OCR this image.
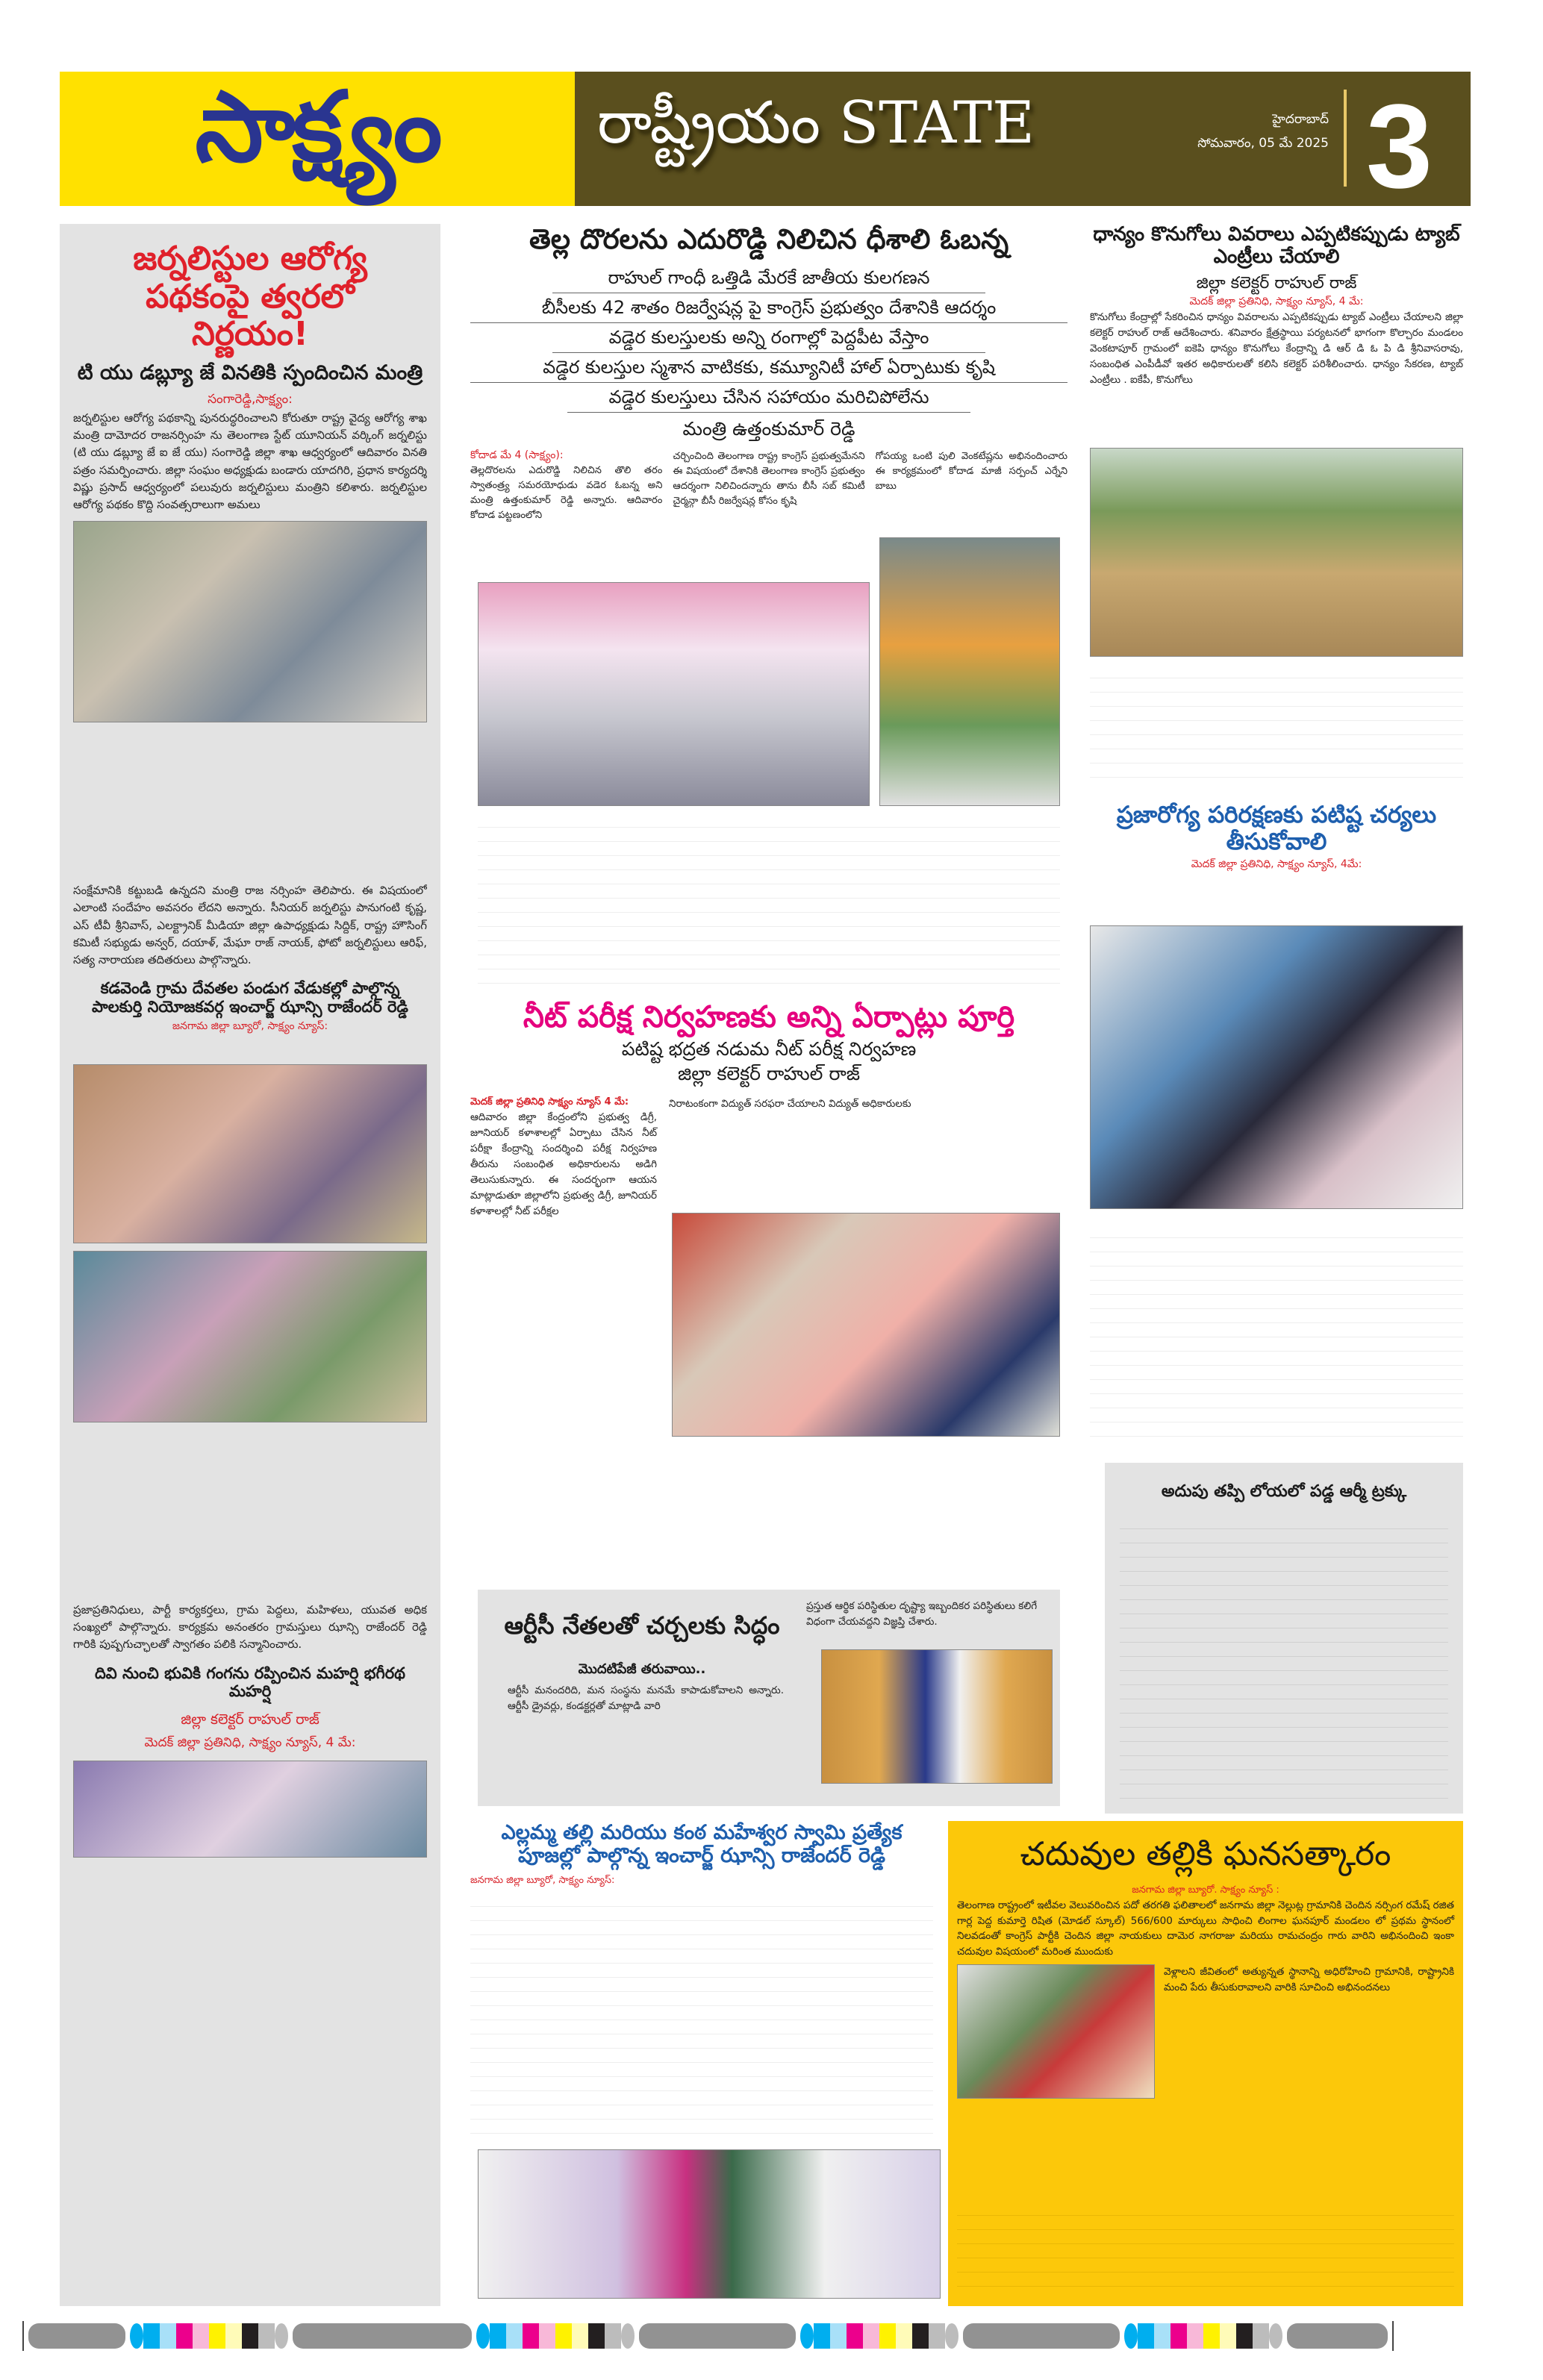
సాక్ష్యం	రాష్ట్రీయం STATE	హైదరాబాద్
సోమవారం, 05 మే 2025 3
జర్నలిస్టుల ఆరోగ్య పథకంపై త్వరలో నిర్ణయం!
టి యు డబ్ల్యూ జే వినతికి స్పందించిన మంత్రి
సంగారెడ్డి,సాక్ష్యం:
జర్నలిస్టుల ఆరోగ్య పథకాన్ని పునరుద్ధరించాలని కోరుతూ రాష్ట్ర వైద్య ఆరోగ్య శాఖ మంత్రి దామోదర రాజనర్సింహ ను తెలంగాణ స్టేట్ యూనియన్ వర్కింగ్ జర్నలిస్టు (టి యు డబ్ల్యూ జే ఐ జే యు) సంగారెడ్డి జిల్లా శాఖ ఆధ్వర్యంలో ఆదివారం వినతి పత్రం సమర్పించారు. జిల్లా సంఘం అధ్యక్షుడు బండారు యాదగిరి, ప్రధాన కార్యదర్శి విష్ణు ప్రసాద్ ఆధ్వర్యంలో పలువురు జర్నలిస్టులు మంత్రిని కలిశారు. జర్నలిస్టుల ఆరోగ్య పథకం కొద్ది సంవత్సరాలుగా అమలు
సంక్షేమానికి కట్టుబడి ఉన్నదని మంత్రి రాజ నర్సింహ తెలిపారు. ఈ విషయంలో ఎలాంటి సందేహం అవసరం లేదని అన్నారు. సీనియర్ జర్నలిస్టు పానుగంటి కృష్ణ, ఎస్ టీవీ శ్రీనివాస్, ఎలక్ట్రానిక్ మీడియా జిల్లా ఉపాధ్యక్షుడు సిద్దిక్, రాష్ట్ర హౌసింగ్ కమిటీ సభ్యుడు అన్వర్, దయాళ్, మేఘా రాజ్ నాయక్, ఫోటో జర్నలిస్టులు ఆరిఫ్, సత్య నారాయణ తదితరులు పాల్గొన్నారు.
కడవెండి గ్రామ దేవతల పండుగ వేడుకల్లో పాల్గొన్న పాలకుర్తి నియోజకవర్గ ఇంచార్జ్ ఝాన్సి రాజేందర్ రెడ్డి
జనగామ జిల్లా బ్యూరో, సాక్ష్యం న్యూస్:
ప్రజాప్రతినిధులు, పార్టీ కార్యకర్తలు, గ్రామ పెద్దలు, మహిళలు, యువత అధిక సంఖ్యలో పాల్గొన్నారు. కార్యక్రమ అనంతరం గ్రామస్తులు ఝాన్సి రాజేందర్ రెడ్డి గారికి పుష్పగుచ్ఛాలతో స్వాగతం పలికి సన్మానించారు.
దివి నుంచి భువికి గంగను రప్పించిన మహర్షి భగీరథ మహర్షి
జిల్లా కలెక్టర్ రాహుల్ రాజ్
మెదక్ జిల్లా ప్రతినిధి, సాక్ష్యం న్యూస్, 4 మే:
తెల్ల దొరలను ఎదురొడ్డి నిలిచిన ధీశాలి ఓబన్న
రాహుల్ గాంధీ ఒత్తిడి మేరకే జాతీయ కులగణన
బీసీలకు 42 శాతం రిజర్వేషన్ల పై కాంగ్రెస్ ప్రభుత్వం దేశానికి ఆదర్శం
వడ్డెర కులస్తులకు అన్ని రంగాల్లో పెద్దపీట వేస్తాం
వడ్డెర కులస్తుల స్మశాన వాటికకు, కమ్యూనిటీ హాల్ ఏర్పాటుకు కృషి
వడ్డెర కులస్తులు చేసిన సహాయం మరిచిపోలేను
మంత్రి ఉత్తంకుమార్ రెడ్డి
కోదాడ మే 4 (సాక్ష్యం):
తెల్లదొరలను ఎదురొడ్డి నిలిచిన తొలి తరం స్వాతంత్ర్య సమరయోధుడు వడెర ఓబన్న అని మంత్రి ఉత్తంకుమార్ రెడ్డి అన్నారు. ఆదివారం కోదాడ పట్టణంలోని
చర్చించింది తెలంగాణ రాష్ట్ర కాంగ్రెస్ ప్రభుత్వమేనని ఈ విషయంలో దేశానికి తెలంగాణ కాంగ్రెస్ ప్రభుత్వం ఆదర్శంగా నిలిచిందన్నారు తాను బీసీ సబ్ కమిటీ చైర్మన్గా బీసీ రిజర్వేషన్ల కోసం కృషి
గోపయ్య ఒంటి పులి వెంకటేష్లను అభినందించారు ఈ కార్యక్రమంలో కోదాడ మాజీ సర్పంచ్ ఎర్నేని బాబు
నీట్ పరీక్ష నిర్వహణకు అన్ని ఏర్పాట్లు పూర్తి
పటిష్ట భద్రత నడుమ నీట్ పరీక్ష నిర్వహణ
జిల్లా కలెక్టర్ రాహుల్ రాజ్
మెదక్ జిల్లా ప్రతినిధి సాక్ష్యం న్యూస్ 4 మే:
ఆదివారం జిల్లా కేంద్రంలోని ప్రభుత్వ డిగ్రీ, జూనియర్ కళాశాలల్లో ఏర్పాటు చేసిన నీట్ పరీక్షా కేంద్రాన్ని సందర్శించి పరీక్ష నిర్వహణ తీరును సంబంధిత అధికారులను అడిగి తెలుసుకున్నారు. ఈ సందర్భంగా ఆయన మాట్లాడుతూ జిల్లాలోని ప్రభుత్వ డిగ్రీ, జూనియర్ కళాశాలల్లో నీట్ పరీక్షల
నిరాటంకంగా విద్యుత్ సరఫరా చేయాలని విద్యుత్ అధికారులకు
ఆర్టీసీ నేతలతో చర్చలకు సిద్ధం
మొదటిపేజీ తరువాయి..
ఆర్టీసీ మనందరిది, మన సంస్థను మనమే కాపాడుకోవాలని అన్నారు. ఆర్టీసీ డ్రైవర్లు, కండక్టర్లతో మాట్లాడి వారి
ప్రస్తుత ఆర్థిక పరిస్థితుల దృష్ట్యా ఇబ్బందికర పరిస్థితులు కలిగే విధంగా చేయవద్దని విజ్ఞప్తి చేశారు.
ఎల్లమ్మ తల్లి మరియు కంఠ మహేశ్వర స్వామి ప్రత్యేక పూజల్లో పాల్గొన్న ఇంచార్జ్ ఝాన్సి రాజేందర్ రెడ్డి
జనగామ జిల్లా బ్యూరో, సాక్ష్యం న్యూస్:
ధాన్యం కొనుగోలు వివరాలు ఎప్పటికప్పుడు ట్యాబ్ ఎంట్రీలు చేయాలి
జిల్లా కలెక్టర్ రాహుల్ రాజ్
మెదక్ జిల్లా ప్రతినిధి, సాక్ష్యం న్యూస్, 4 మే:
కొనుగోలు కేంద్రాల్లో సేకరించిన ధాన్యం వివరాలను ఎప్పటికప్పుడు ట్యాబ్ ఎంట్రీలు చేయాలని జిల్లా కలెక్టర్ రాహుల్ రాజ్ ఆదేశించారు. శనివారం క్షేత్రస్థాయి పర్యటనలో భాగంగా కొల్చారం మండలం వెంకటాపూర్ గ్రామంలో ఐకెపి ధాన్యం కొనుగోలు కేంద్రాన్ని డి ఆర్ డి ఓ పి డి శ్రీనివాసరావు, సంబంధిత ఎంపీడీవో ఇతర అధికారులతో కలిసి కలెక్టర్ పరిశీలించారు. ధాన్యం సేకరణ, ట్యాబ్ ఎంట్రీలు . ఐకేపీ, కొనుగోలు
ప్రజారోగ్య పరిరక్షణకు పటిష్ట చర్యలు తీసుకోవాలి
మెదక్ జిల్లా ప్రతినిధి, సాక్ష్యం న్యూస్, 4మే:
అదుపు తప్పి లోయలో పడ్డ ఆర్మీ ట్రక్కు
చదువుల తల్లికి ఘనసత్కారం
జనగామ జిల్లా బ్యూరో. సాక్ష్యం న్యూస్ :
తెలంగాణ రాష్ట్రంలో ఇటీవల వెలువరించిన పదో తరగతి ఫలితాలలో జనగామ జిల్లా నెల్లుట్ల గ్రామానికి చెందిన నర్సింగ రమేష్ రజిత గార్ల పెద్ద కుమార్తె రిషిత (మోడల్ స్కూల్) 566/600 మార్కులు సాధించి లింగాల ఘనపూర్ మండలం లో ప్రథమ స్థానంలో నిలవడంతో కాంగ్రెస్ పార్టీకి చెందిన జిల్లా నాయకులు దామెర నాగరాజు మరియు రామచంద్రం గారు వారిని అభినందించి ఇంకా చదువుల విషయంలో మరింత ముందుకు
వెళ్లాలని జీవితంలో అత్యున్నత స్థానాన్ని అధిరోహించి గ్రామానికి, రాష్ట్రానికి మంచి పేరు తీసుకురావాలని వారికి సూచించి అభినందనలు
